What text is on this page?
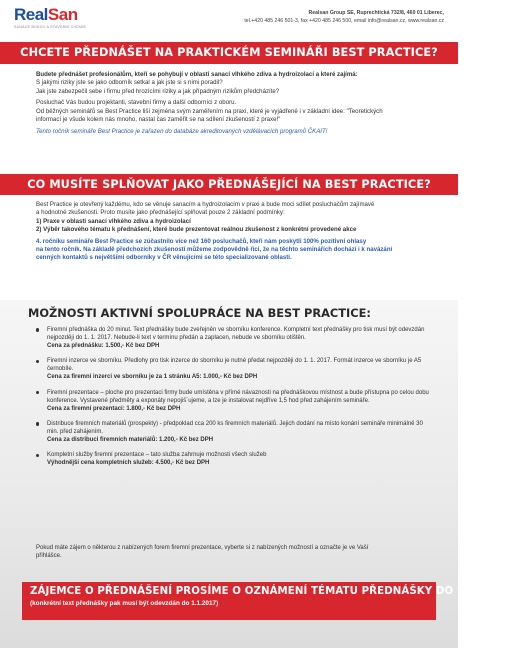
RealSan
SANACE BUDOV A STAVEBNÍ CHEMIE
Realsan Group SE, Ruprechtická 732/8, 460 01 Liberec,
tel.+420 485 246 501-3, fax +420 485 246 500, email info@realsan.cz, www.realsan.cz
CHCETE PŘEDNÁŠET NA PRAKTICKÉM SEMINÁŘI BEST PRACTICE?

Budete přednášet profesionálům, kteří se pohybují v oblasti sanací vlhkého zdiva a hydroizolací a které zajímá:
S jakými riziky jste se jako odborník setkal a jak jste si s nimi poradil?
Jak jste zabezpečil sebe i firmu před hrozícími riziky a jak případným rizikům předcházíte?

Posluchač Vás budou projektanti, stavební firmy a další odborníci z oboru.
Od běžných seminářů se Best Practice liší zejména svým zaměřením na praxi, které je vyjádřené i v základní idee: "Teoretických
informací je všude kolem nás mnoho, nastal čas zaměřit se na sdílení zkušeností z praxe!"

Tento ročník semináře Best Practice je zařazen do databáze akreditovaných vzdělávacích programů ČKAIT!

CO MUSÍTE SPLŇOVAT JAKO PŘEDNÁŠEJÍCÍ NA BEST PRACTICE?

Best Practice je otevřený každému, kdo se věnuje sanacím a hydroizolacím v praxi a bude moci sdílet posluchačům zajímavé
a hodnotné zkušenosti. Proto musíte jako přednášející splňovat pouze 2 základní podmínky:
1) Praxe v oblasti sanací vlhkého zdiva a hydroizolací
2) Výběr takového tématu k přednášení, které bude prezentovat reálnou zkušenost z konkrétní provedené akce

4. ročníku semináře Best Practice se zúčastnilo více než 160 posluchačů, kteří nám poskytli 100% pozitivní ohlasy
na tento ročník. Na základě předchozích zkušeností můžeme zodpovědně říci, že na těchto seminářích dochází i k navázání
cenných kontaktů s největšími odborníky v ČR věnujícími se této specializované oblasti.

MOŽNOSTI AKTIVNÍ SPOLUPRÁCE NA BEST PRACTICE:
Firemní přednáška do 20 minut. Text přednášky bude zveřejněn ve sborníku konference. Kompletní text přednášky pro tisk musí být odevzdán nejpozději do 1. 1. 2017. Nebude-li text v termínu předán a zaplacen, nebude ve sborníku otištěn.
Cena za přednášku: 1.500,- Kč bez DPH
Firemní inzerce ve sborníku. Předlohy pro tisk inzerce do sborníku je nutné předat nejpozději do 1. 1. 2017. Formát inzerce ve sborníku je A5 černobíle.
Cena za firemní inzerci ve sborníku je za 1 stránku A5: 1.000,- Kč bez DPH
Firemní prezentace – ploche pro prezentaci firmy bude umístěna v přímé návaznosti na přednáškovou místnost a bude přístupna po celou dobu konference. Vystavené předměty a exponáty nepojiš´ujeme, a lze je instalovat nejdříve 1,5 hod před zahájením semináře.
Cena za firemní prezentaci: 1.800,- Kč bez DPH
Distribuce firemních materiálů (prospekty) - předpoklad cca 200 ks firemních materiálů. Jejich dodání na místo konání semináře minimálně 30 min. před zahájením.
Cena za distribuci firemních materiálů: 1.200,- Kč bez DPH
Kompletní služby firemní prezentace – tato služba zahrnuje možnosti všech služeb
Výhodnější cena kompletních služeb: 4.500,- Kč bez DPH
Pokud máte zájem o některou z nabízených forem firemní prezentace, vyberte si z nabízených možností a označte je ve Vaší
přihlášce.
ZÁJEMCE O PŘEDNÁŠENÍ PROSÍME O OZNÁMENÍ TÉMATU PŘEDNÁŠKY DO 7. 11.2016!
(konkrétní text přednášky pak musí být odevzdán do 1.1.2017)
